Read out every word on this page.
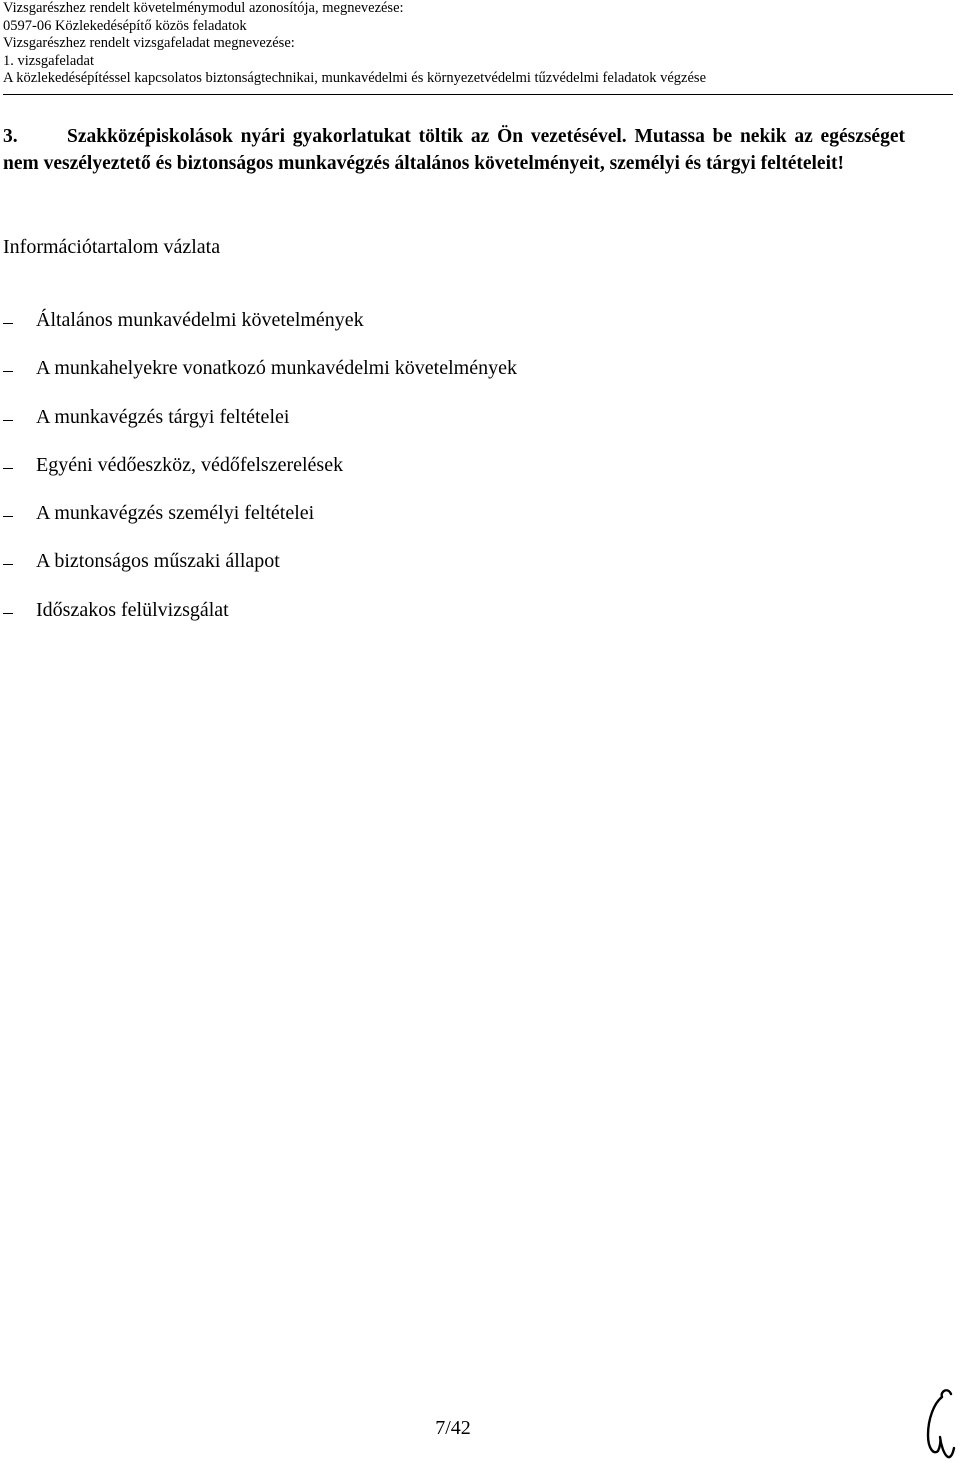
Vizsgarészhez rendelt követelménymodul azonosítója, megnevezése:
0597-06 Közlekedésépítő közös feladatok
Vizsgarészhez rendelt vizsgafeladat megnevezése:
1. vizsgafeladat
A közlekedésépítéssel kapcsolatos biztonságtechnikai, munkavédelmi és környezetvédelmi tűzvédelmi feladatok végzése
3.	Szakközépiskolások nyári gyakorlatukat töltik az Ön vezetésével. Mutassa be nekik az egészséget nem veszélyeztető és biztonságos munkavégzés általános követelményeit, személyi és tárgyi feltételeit!
Információtartalom vázlata
Általános munkavédelmi követelmények
A munkahelyekre vonatkozó munkavédelmi követelmények
A munkavégzés tárgyi feltételei
Egyéni védőeszköz, védőfelszerelések
A munkavégzés személyi feltételei
A biztonságos műszaki állapot
Időszakos felülvizsgálat
7/42
